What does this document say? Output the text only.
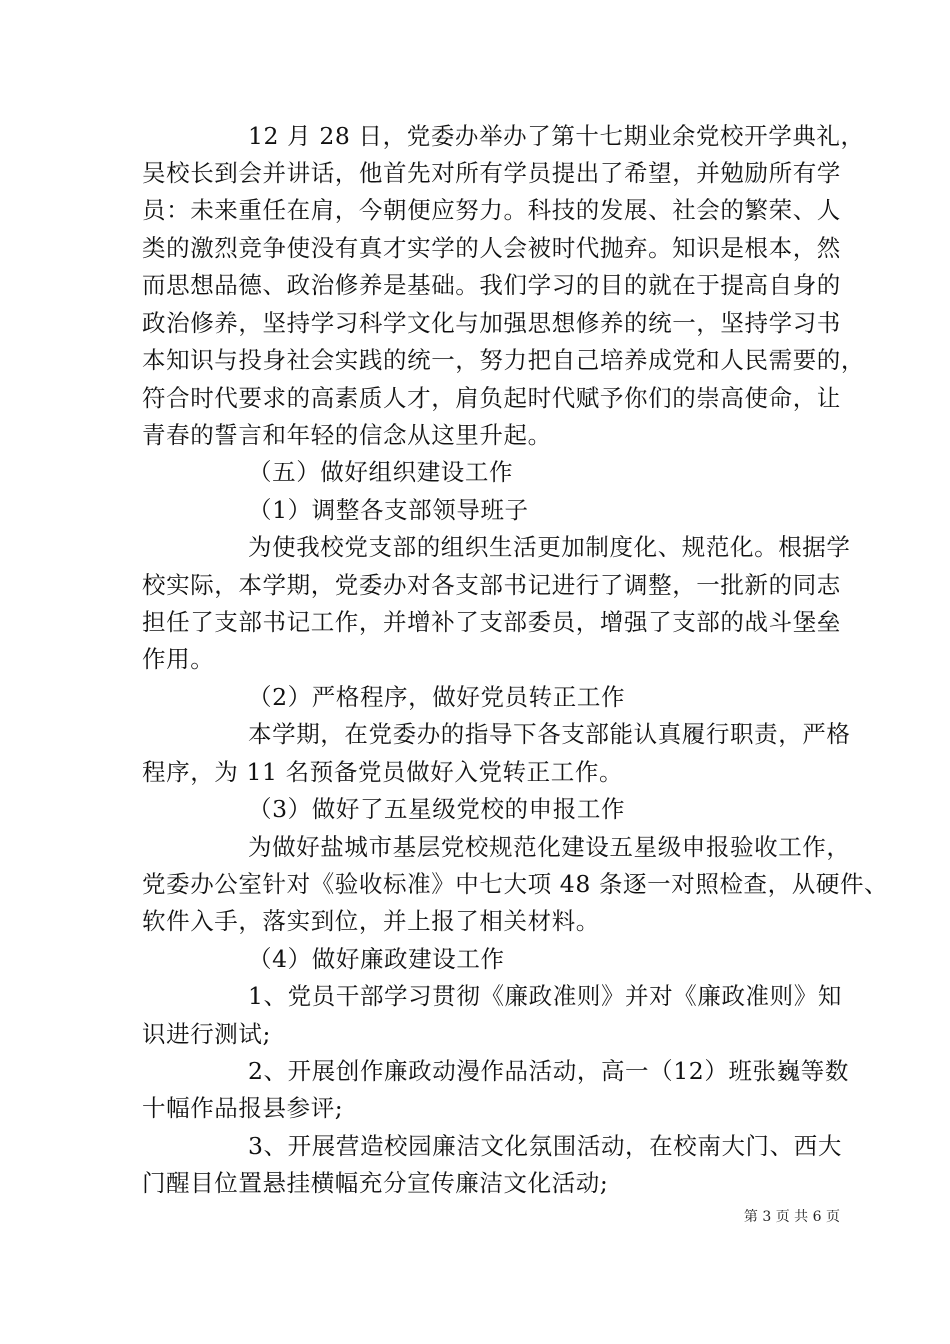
12 月 28 日，党委办举办了第十七期业余党校开学典礼，
吴校长到会并讲话，他首先对所有学员提出了希望，并勉励所有学
员：未来重任在肩，今朝便应努力。科技的发展、社会的繁荣、人
类的激烈竞争使没有真才实学的人会被时代抛弃。知识是根本，然
而思想品德、政治修养是基础。我们学习的目的就在于提高自身的
政治修养，坚持学习科学文化与加强思想修养的统一，坚持学习书
本知识与投身社会实践的统一，努力把自己培养成党和人民需要的，
符合时代要求的高素质人才，肩负起时代赋予你们的崇高使命，让
青春的誓言和年轻的信念从这里升起。
（五）做好组织建设工作
（1）调整各支部领导班子
为使我校党支部的组织生活更加制度化、规范化。根据学
校实际，本学期，党委办对各支部书记进行了调整，一批新的同志
担任了支部书记工作，并增补了支部委员，增强了支部的战斗堡垒
作用。
（2）严格程序，做好党员转正工作
本学期，在党委办的指导下各支部能认真履行职责，严格
程序，为 11 名预备党员做好入党转正工作。
（3）做好了五星级党校的申报工作
为做好盐城市基层党校规范化建设五星级申报验收工作，
党委办公室针对《验收标准》中七大项 48 条逐一对照检查，从硬件、
软件入手，落实到位，并上报了相关材料。
（4）做好廉政建设工作
1、党员干部学习贯彻《廉政准则》并对《廉政准则》知
识进行测试;
2、开展创作廉政动漫作品活动，高一（12）班张巍等数
十幅作品报县参评;
3、开展营造校园廉洁文化氛围活动，在校南大门、西大
门醒目位置悬挂横幅充分宣传廉洁文化活动;
第 3 页 共 6 页
